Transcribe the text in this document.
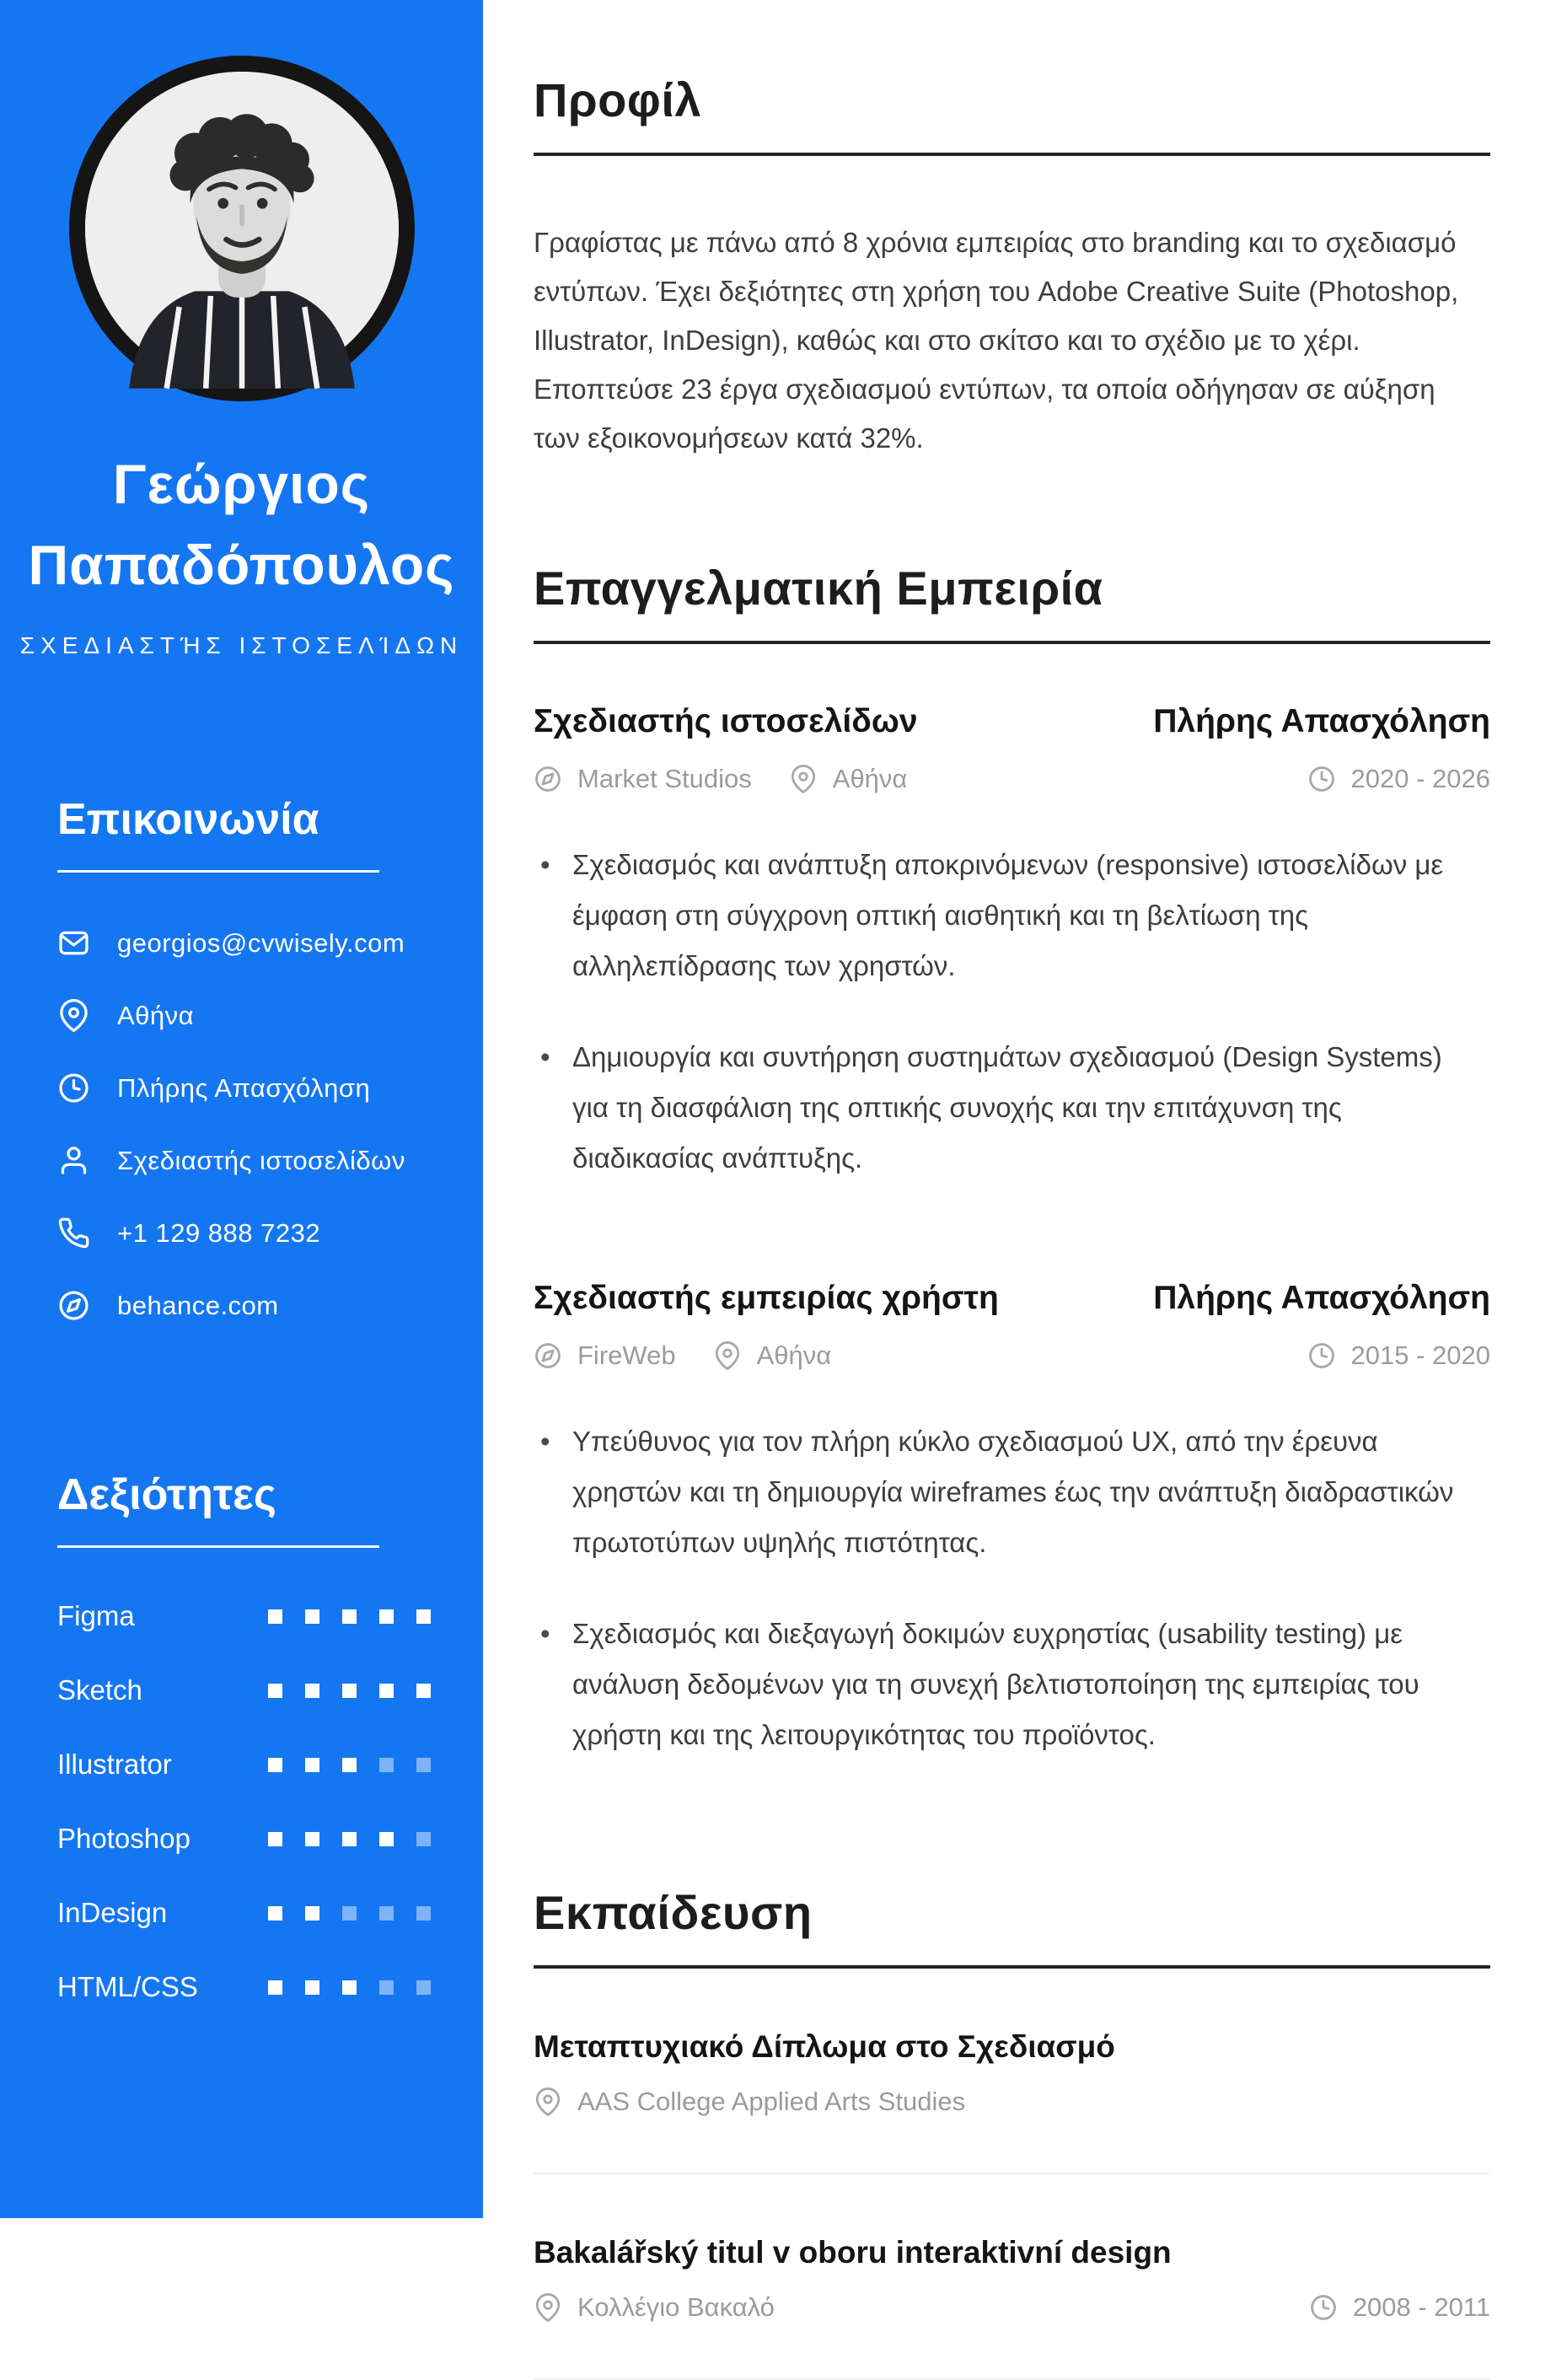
Γεώργιος
Παπαδόπουλος
ΣΧΕΔΙΑΣΤΉΣ ΙΣΤΟΣΕΛΊΔΩΝ
Επικοινωνία
georgios@cvwisely.com
Αθήνα
Πλήρης Απασχόληση
Σχεδιαστής ιστοσελίδων
+1 129 888 7232
behance.com
Δεξιότητες
Figma
Sketch
Illustrator
Photoshop
InDesign
HTML/CSS
Προφίλ

Γραφίστας με πάνω από 8 χρόνια εμπειρίας στο branding και το σχεδιασμό εντύπων. Έχει δεξιότητες στη χρήση του Adobe Creative Suite (Photoshop, Illustrator, InDesign), καθώς και στο σκίτσο και το σχέδιο με το χέρι. Εποπτεύσε 23 έργα σχεδιασμού εντύπων, τα οποία οδήγησαν σε αύξηση των εξοικονομήσεων κατά 32%.

Επαγγελματική Εμπειρία
Σχεδιαστής ιστοσελίδων	Πλήρης Απασχόληση
Market Studios	Αθήνα	2020 - 2026
• Σχεδιασμός και ανάπτυξη αποκρινόμενων (responsive) ιστοσελίδων με έμφαση στη σύγχρονη οπτική αισθητική και τη βελτίωση της αλληλεπίδρασης των χρηστών.
• Δημιουργία και συντήρηση συστημάτων σχεδιασμού (Design Systems) για τη διασφάλιση της οπτικής συνοχής και την επιτάχυνση της διαδικασίας ανάπτυξης.
Σχεδιαστής εμπειρίας χρήστη	Πλήρης Απασχόληση
FireWeb	Αθήνα	2015 - 2020
• Υπεύθυνος για τον πλήρη κύκλο σχεδιασμού UX, από την έρευνα χρηστών και τη δημιουργία wireframes έως την ανάπτυξη διαδραστικών πρωτοτύπων υψηλής πιστότητας.
• Σχεδιασμός και διεξαγωγή δοκιμών ευχρηστίας (usability testing) με ανάλυση δεδομένων για τη συνεχή βελτιστοποίηση της εμπειρίας του χρήστη και της λειτουργικότητας του προϊόντος.
Εκπαίδευση
Μεταπτυχιακό Δίπλωμα στο Σχεδιασμό
AAS College Applied Arts Studies
Bakalářský titul v oboru interaktivní design
Κολλέγιο Βακαλό	2008 - 2011
